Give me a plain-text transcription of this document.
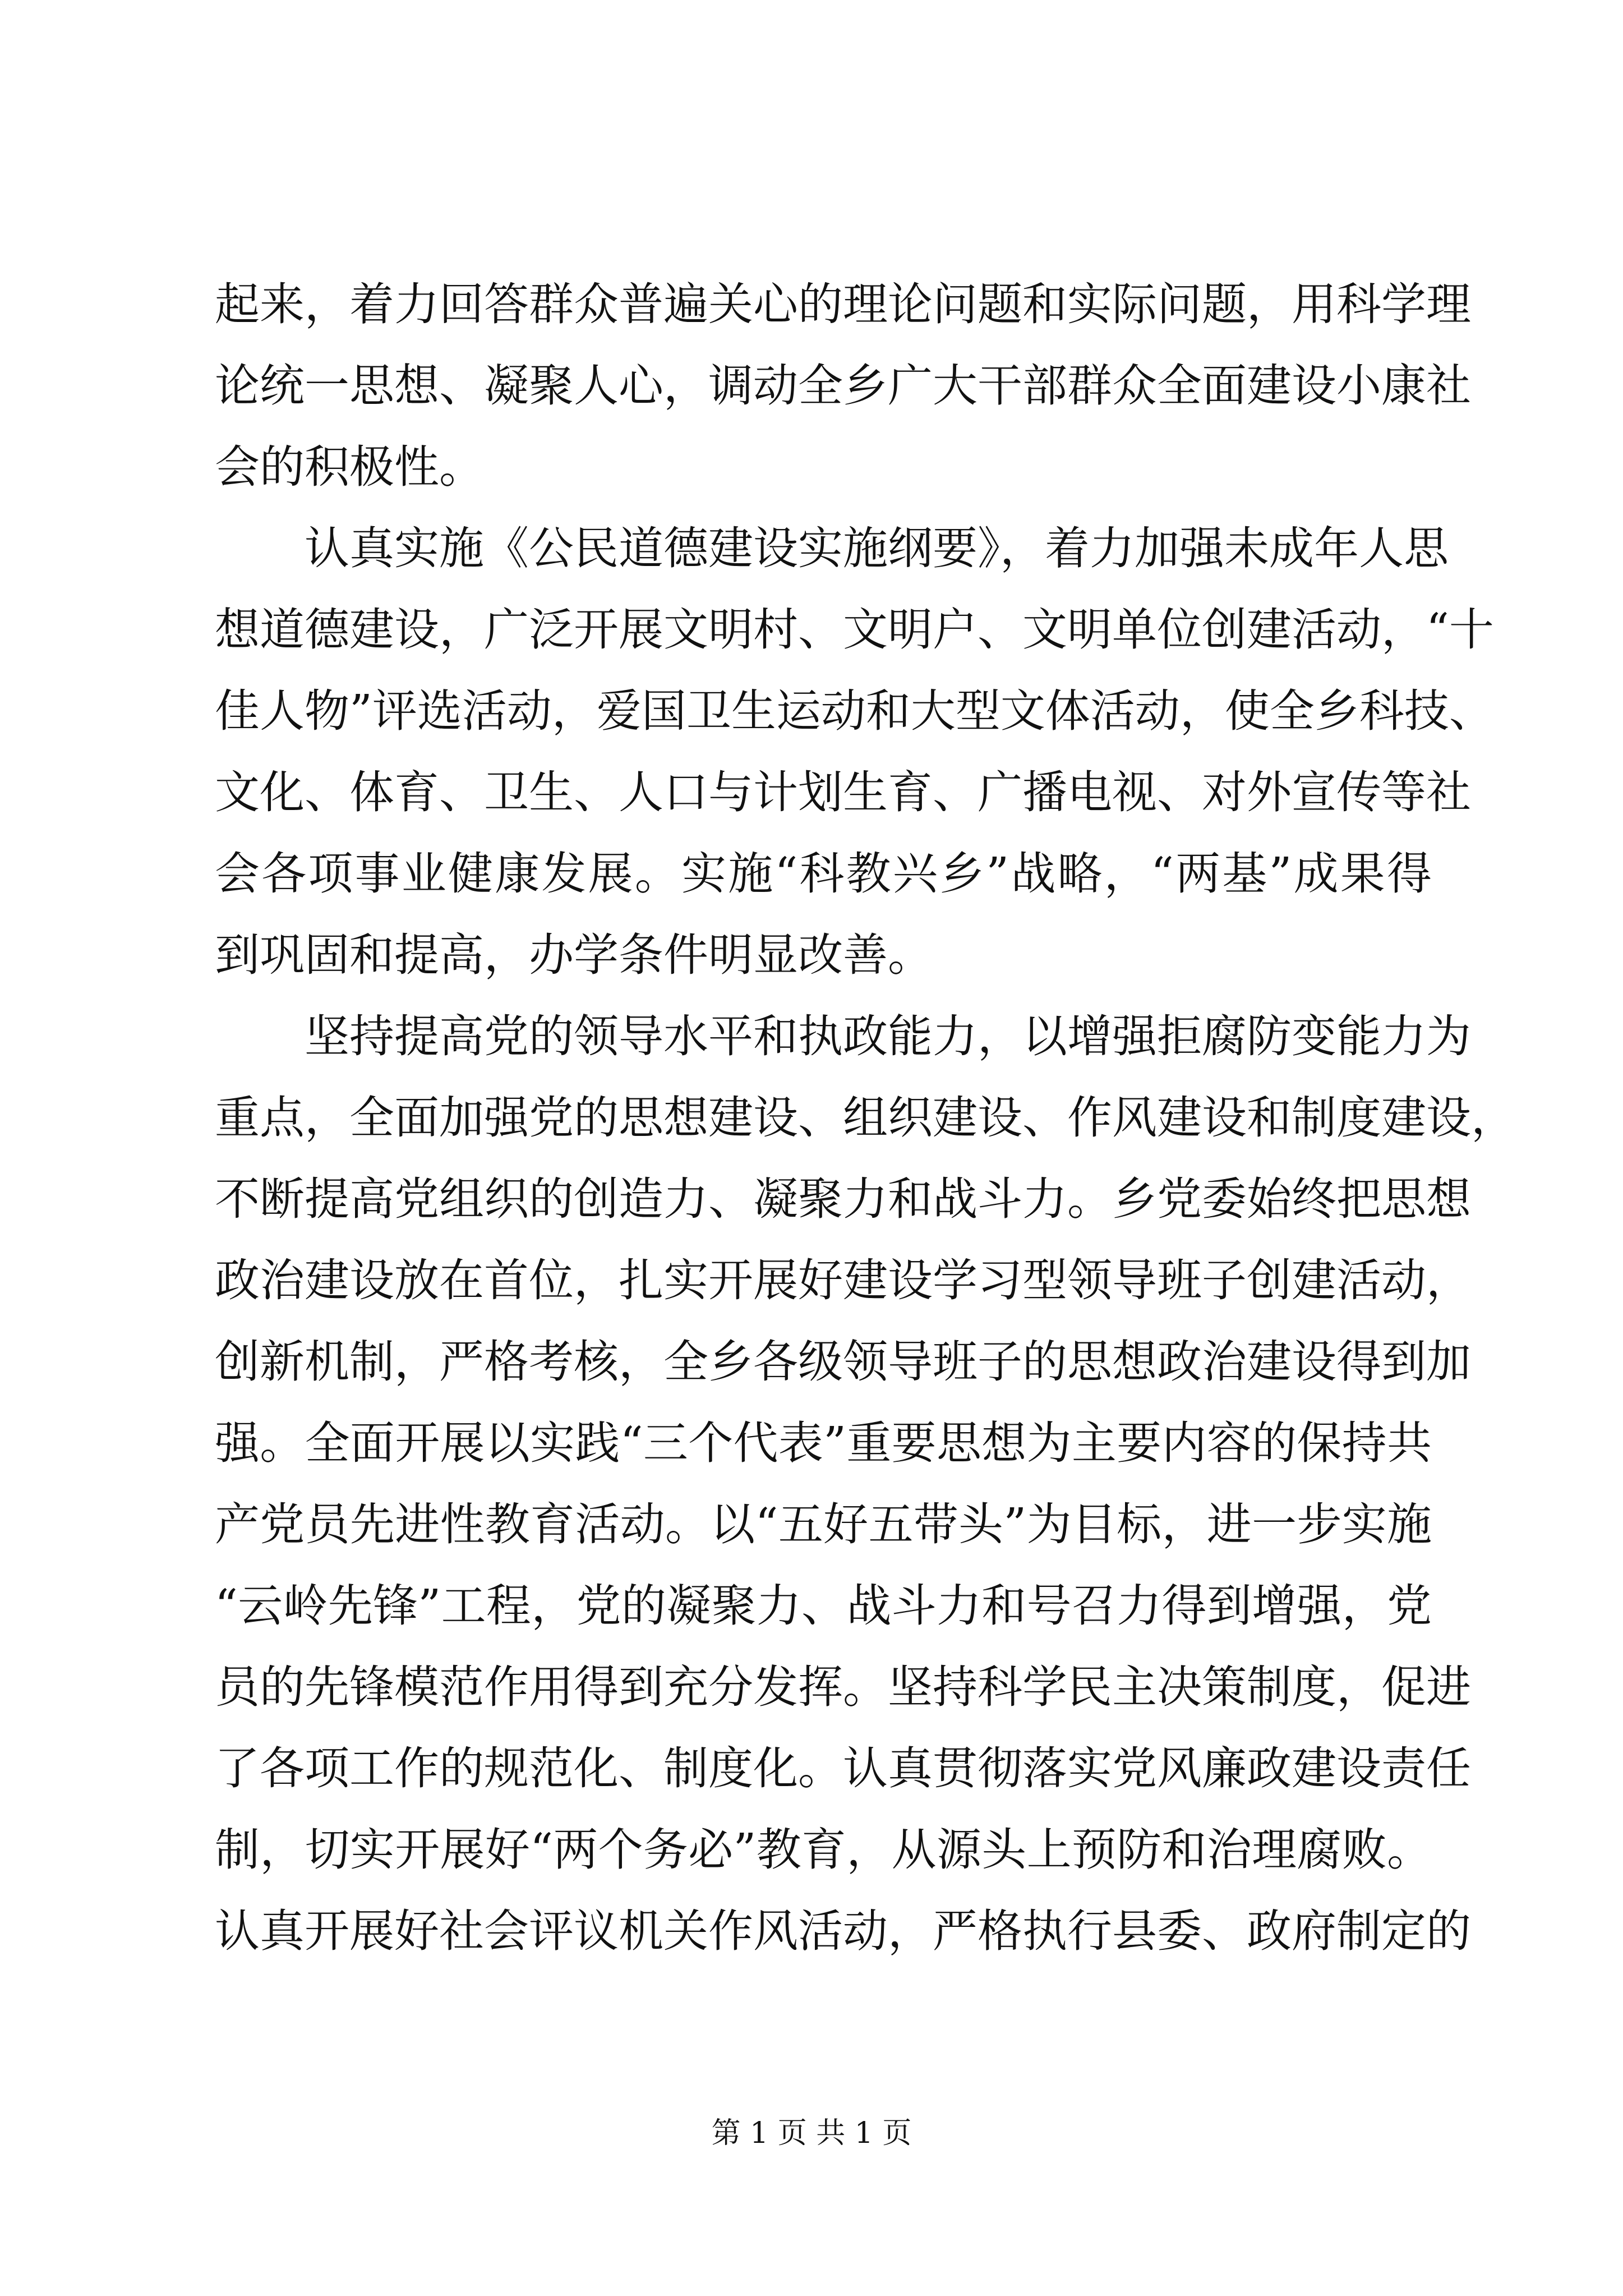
起来，着力回答群众普遍关心的理论问题和实际问题，用科学理
论统一思想、凝聚人心，调动全乡广大干部群众全面建设小康社
会的积极性。
认真实施《公民道德建设实施纲要》，着力加强未成年人思
想道德建设，广泛开展文明村、文明户、文明单位创建活动，“十
佳人物”评选活动，爱国卫生运动和大型文体活动，使全乡科技、
文化、体育、卫生、人口与计划生育、广播电视、对外宣传等社
会各项事业健康发展。实施“科教兴乡”战略，“两基”成果得
到巩固和提高，办学条件明显改善。
坚持提高党的领导水平和执政能力，以增强拒腐防变能力为
重点，全面加强党的思想建设、组织建设、作风建设和制度建设，
不断提高党组织的创造力、凝聚力和战斗力。乡党委始终把思想
政治建设放在首位，扎实开展好建设学习型领导班子创建活动，
创新机制，严格考核，全乡各级领导班子的思想政治建设得到加
强。全面开展以实践“三个代表”重要思想为主要内容的保持共
产党员先进性教育活动。以“五好五带头”为目标，进一步实施
“云岭先锋”工程，党的凝聚力、战斗力和号召力得到增强，党
员的先锋模范作用得到充分发挥。坚持科学民主决策制度，促进
了各项工作的规范化、制度化。认真贯彻落实党风廉政建设责任
制，切实开展好“两个务必”教育，从源头上预防和治理腐败。
认真开展好社会评议机关作风活动，严格执行县委、政府制定的
第 1 页 共 1 页
